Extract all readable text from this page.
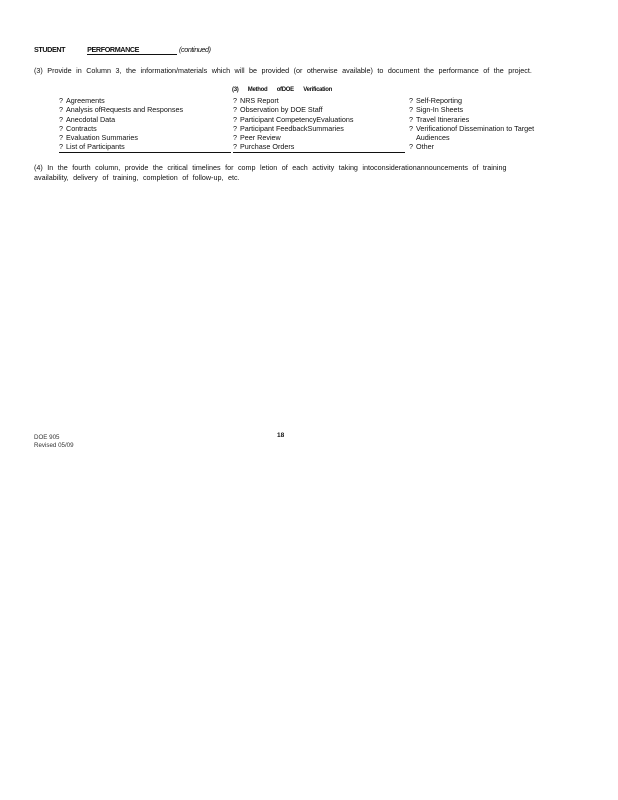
STUDENT	PERFORMANCE	(continued)
(3) Provide in Column 3, the information/materials which will be provided (or otherwise available) to document the performance of the project.
(3) Method ofDOE Verification
? Agreements
? Analysis ofRequests and Responses
? Anecdotal Data
? Contracts
? Evaluation Summaries
? List of Participants
? NRS Report
? Observation by DOE Staff
? Participant CompetencyEvaluations
? Participant FeedbackSummaries
? Peer Review
? Purchase Orders
? Self-Reporting
? Sign-In Sheets
? Travel Itineraries
? Verificationof Dissemination to Target
Audiences
? Other
(4) In the fourth column, provide the critical timelines for comp letion of each activity taking intoconsiderationannouncements of training
availability, delivery of training, completion of follow-up, etc.
DOE 905
Revised 05/09
18
